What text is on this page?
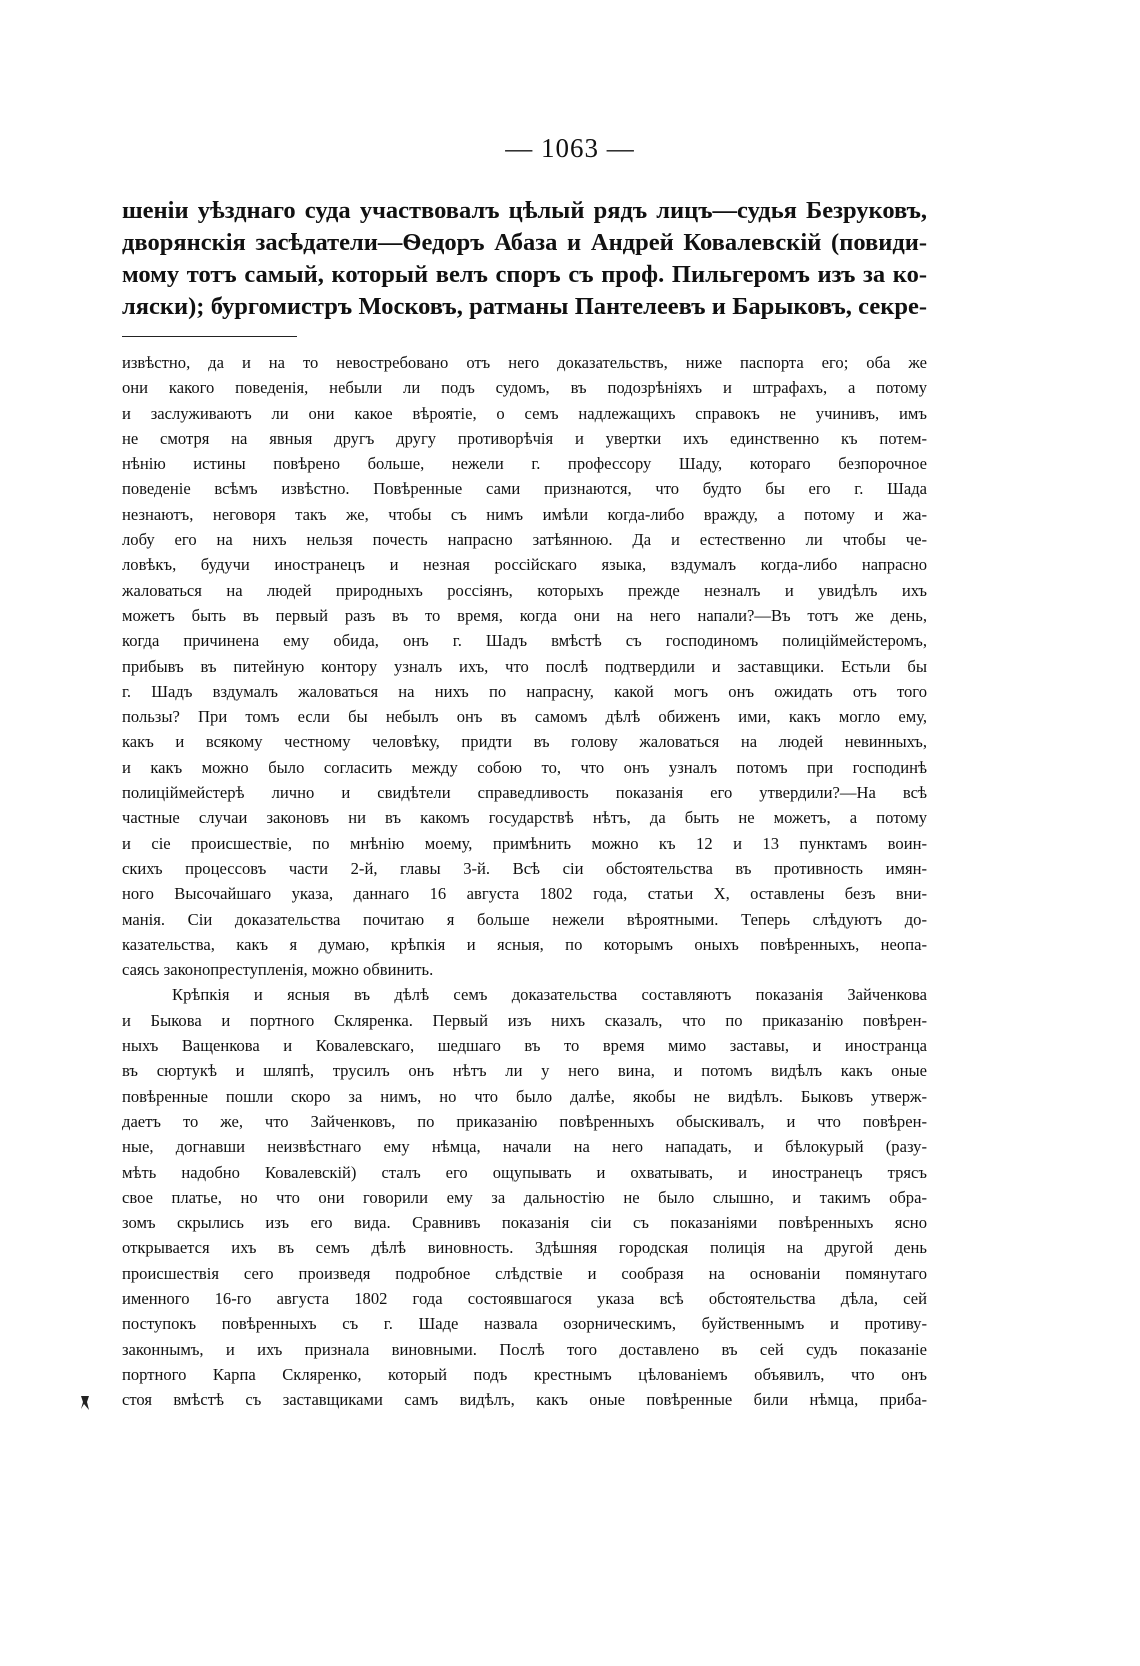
— 1063 —
шеніи уѣзднаго суда участвовалъ цѣлый рядъ лицъ—судья Безруковъ,
дворянскія засѣдатели—Ѳедоръ Абаза и Андрей Ковалевскій (повиди-
мому тотъ самый, который велъ споръ съ проф. Пильгеромъ изъ за ко-
ляски); бургомистръ Московъ, ратманы Пантелеевъ и Барыковъ, секре-
извѣстно, да и на то невостребовано отъ него доказательствъ, ниже паспорта его; оба же
они какого поведенія, небыли ли подъ судомъ, въ подозрѣніяхъ и штрафахъ, а потому
и заслуживаютъ ли они какое вѣроятіе, о семъ надлежащихъ справокъ не учинивъ, имъ
не смотря на явныя другъ другу противорѣчія и увертки ихъ единственно къ потем-
нѣнію истины повѣрено больше, нежели г. профессору Шаду, котораго безпорочное
поведеніе всѣмъ извѣстно. Повѣренные сами признаются, что будто бы его г. Шада
незнаютъ, неговоря такъ же, чтобы съ нимъ имѣли когда-либо вражду, а потому и жа-
лобу его на нихъ нельзя почесть напрасно затѣянною. Да и естественно ли чтобы че-
ловѣкъ, будучи иностранецъ и незная россійскаго языка, вздумалъ когда-либо напрасно
жаловаться на людей природныхъ россіянъ, которыхъ прежде незналъ и увидѣлъ ихъ
можетъ быть въ первый разъ въ то время, когда они на него напали?—Въ тотъ же день,
когда причинена ему обида, онъ г. Шадъ вмѣстѣ съ господиномъ полиціймейстеромъ,
прибывъ въ питейную контору узналъ ихъ, что послѣ подтвердили и заставщики. Естьли бы
г. Шадъ вздумалъ жаловаться на нихъ по напрасну, какой могъ онъ ожидать отъ того
пользы? При томъ если бы небылъ онъ въ самомъ дѣлѣ обиженъ ими, какъ могло ему,
какъ и всякому честному человѣку, придти въ голову жаловаться на людей невинныхъ,
и какъ можно было согласить между собою то, что онъ узналъ потомъ при господинѣ
полиціймейстерѣ лично и свидѣтели справедливость показанія его утвердили?—На всѣ
частные случаи законовъ ни въ какомъ государствѣ нѣтъ, да быть не можетъ, а потому
и сіе происшествіе, по мнѣнію моему, примѣнить можно къ 12 и 13 пунктамъ воин-
скихъ процессовъ части 2-й, главы 3-й. Всѣ сіи обстоятельства въ противность имян-
ного Высочайшаго указа, даннаго 16 августа 1802 года, статьи X, оставлены безъ вни-
манія. Сіи доказательства почитаю я больше нежели вѣроятными. Теперь слѣдуютъ до-
казательства, какъ я думаю, крѣпкія и ясныя, по которымъ оныхъ повѣренныхъ, неопа-
саясь законопреступленія, можно обвинить.
Крѣпкія и ясныя въ дѣлѣ семъ доказательства составляютъ показанія Зайченкова
и Быкова и портного Скляренка. Первый изъ нихъ сказалъ, что по приказанію повѣрен-
ныхъ Ващенкова и Ковалевскаго, шедшаго въ то время мимо заставы, и иностранца
въ сюртукѣ и шляпѣ, трусилъ онъ нѣтъ ли у него вина, и потомъ видѣлъ какъ оные
повѣренные пошли скоро за нимъ, но что было далѣе, якобы не видѣлъ. Быковъ утверж-
даетъ то же, что Зайченковъ, по приказанію повѣренныхъ обыскивалъ, и что повѣрен-
ные, догнавши неизвѣстнаго ему нѣмца, начали на него нападать, и бѣлокурый (разу-
мѣть надобно Ковалевскій) сталъ его ощупывать и охватывать, и иностранецъ трясъ
свое платье, но что они говорили ему за дальностію не было слышно, и такимъ обра-
зомъ скрылись изъ его вида. Сравнивъ показанія сіи съ показаніями повѣренныхъ ясно
открывается ихъ въ семъ дѣлѣ виновность. Здѣшняя городская полиція на другой день
происшествія сего произведя подробное слѣдствіе и сообразя на основаніи помянутаго
именного 16-го августа 1802 года состоявшагося указа всѣ обстоятельства дѣла, сей
поступокъ повѣренныхъ съ г. Шаде назвала озорническимъ, буйственнымъ и противу-
законнымъ, и ихъ признала виновными. Послѣ того доставлено въ сей судъ показаніе
портного Карпа Скляренко, который подъ крестнымъ цѣлованіемъ объявилъ, что онъ
стоя вмѣстѣ съ заставщиками самъ видѣлъ, какъ оные повѣренные били нѣмца, прибa-
